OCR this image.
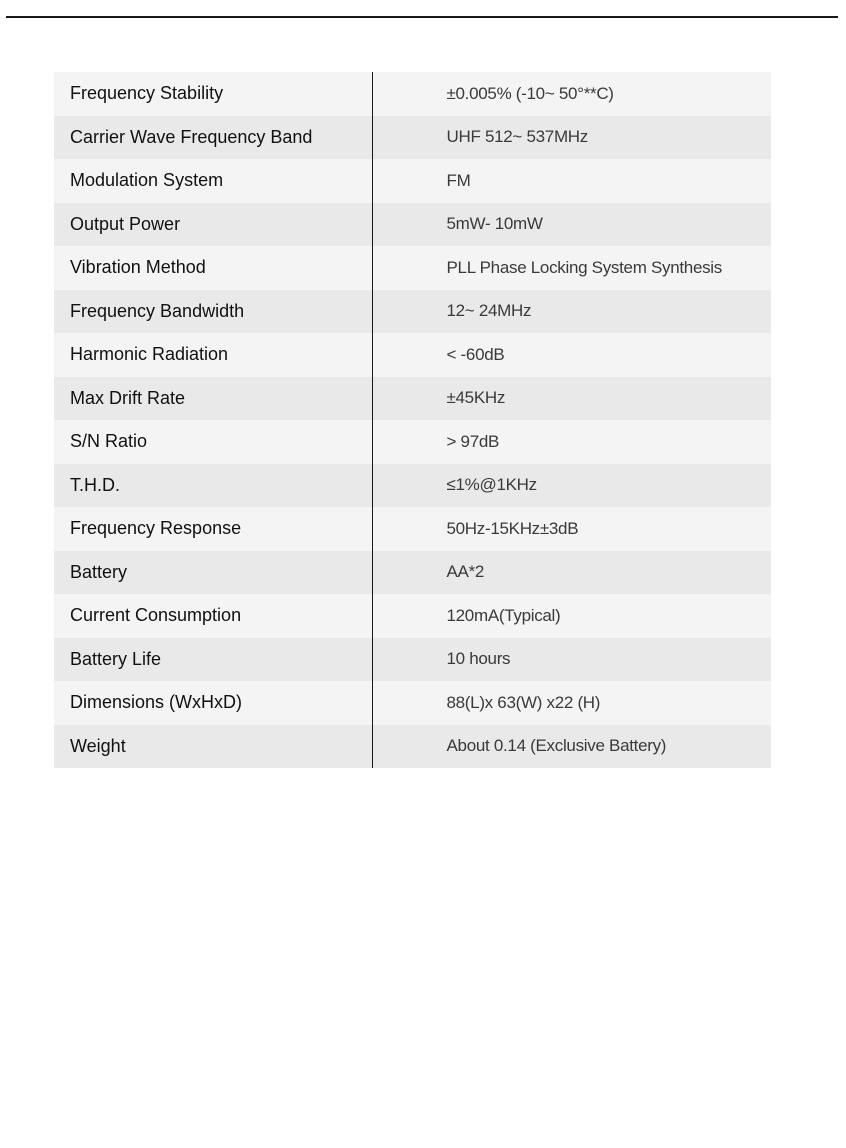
Frequency Stability	±0.005% (-10~ 50°**C)
Carrier Wave Frequency Band	UHF 512~ 537MHz
Modulation System	FM
Output Power	5mW- 10mW
Vibration Method	PLL Phase Locking System Synthesis
Frequency Bandwidth	12~ 24MHz
Harmonic Radiation	< -60dB
Max Drift Rate	±45KHz
S/N Ratio	> 97dB
T.H.D.	≤1%@1KHz
Frequency Response	50Hz-15KHz±3dB
Battery	AA*2
Current Consumption	120mA(Typical)
Battery Life	10 hours
Dimensions (WxHxD)	88(L)x 63(W) x22 (H)
Weight	About 0.14 (Exclusive Battery)
